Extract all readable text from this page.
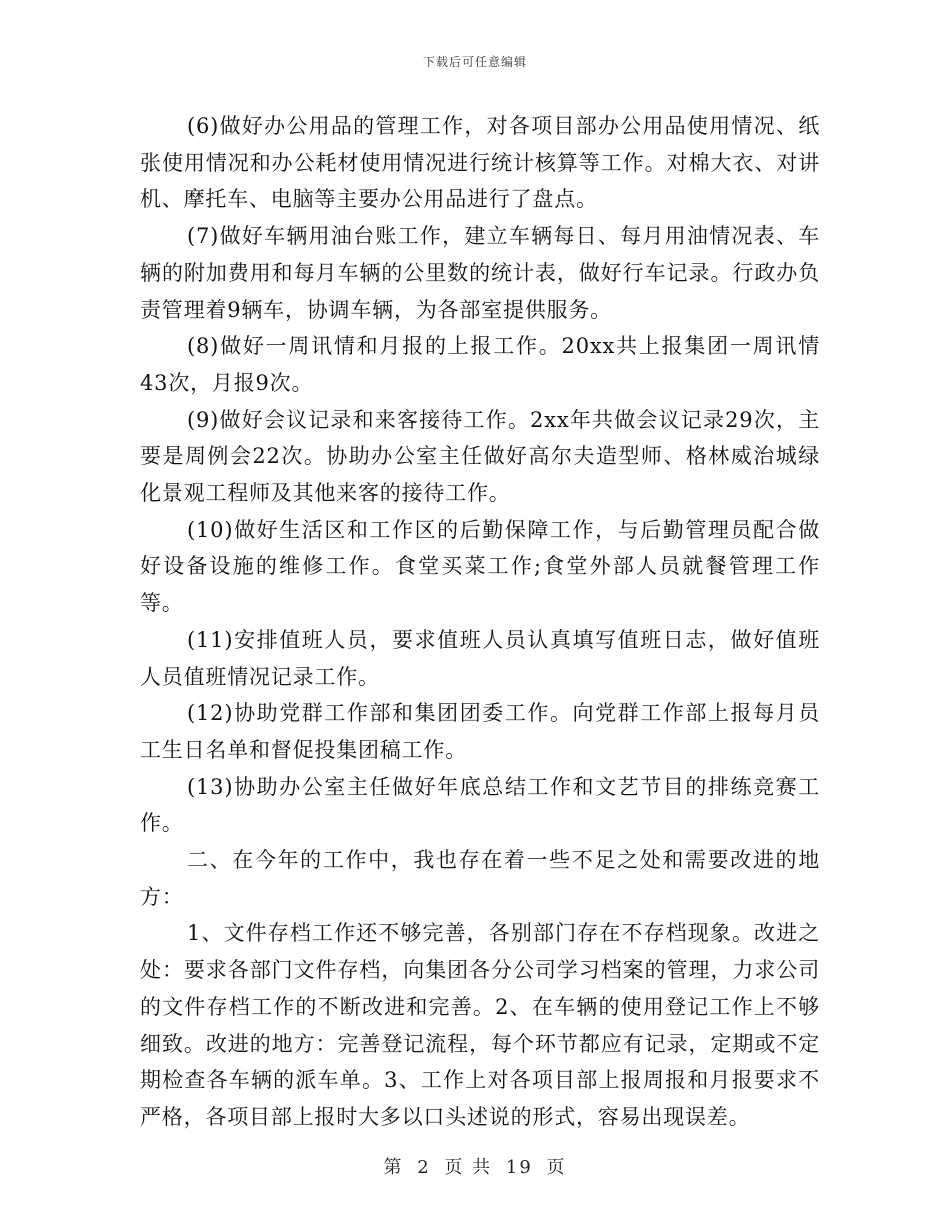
下载后可任意编辑

(6)做好办公用品的管理工作，对各项目部办公用品使用情况、纸张使用情况和办公耗材使用情况进行统计核算等工作。对棉大衣、对讲机、摩托车、电脑等主要办公用品进行了盘点。

(7)做好车辆用油台账工作，建立车辆每日、每月用油情况表、车辆的附加费用和每月车辆的公里数的统计表，做好行车记录。行政办负责管理着9辆车，协调车辆，为各部室提供服务。

(8)做好一周讯情和月报的上报工作。20xx共上报集团一周讯情43次，月报9次。

(9)做好会议记录和来客接待工作。2xx年共做会议记录29次，主要是周例会22次。协助办公室主任做好高尔夫造型师、格林威治城绿化景观工程师及其他来客的接待工作。

(10)做好生活区和工作区的后勤保障工作，与后勤管理员配合做好设备设施的维修工作。食堂买菜工作;食堂外部人员就餐管理工作等。

(11)安排值班人员，要求值班人员认真填写值班日志，做好值班人员值班情况记录工作。

(12)协助党群工作部和集团团委工作。向党群工作部上报每月员工生日名单和督促投集团稿工作。

(13)协助办公室主任做好年底总结工作和文艺节目的排练竞赛工作。

二、在今年的工作中，我也存在着一些不足之处和需要改进的地方：

1、文件存档工作还不够完善，各别部门存在不存档现象。改进之处：要求各部门文件存档，向集团各分公司学习档案的管理，力求公司的文件存档工作的不断改进和完善。2、在车辆的使用登记工作上不够细致。改进的地方：完善登记流程，每个环节都应有记录，定期或不定期检查各车辆的派车单。3、工作上对各项目部上报周报和月报要求不严格，各项目部上报时大多以口头述说的形式，容易出现误差。

第 2 页 共 19 页
